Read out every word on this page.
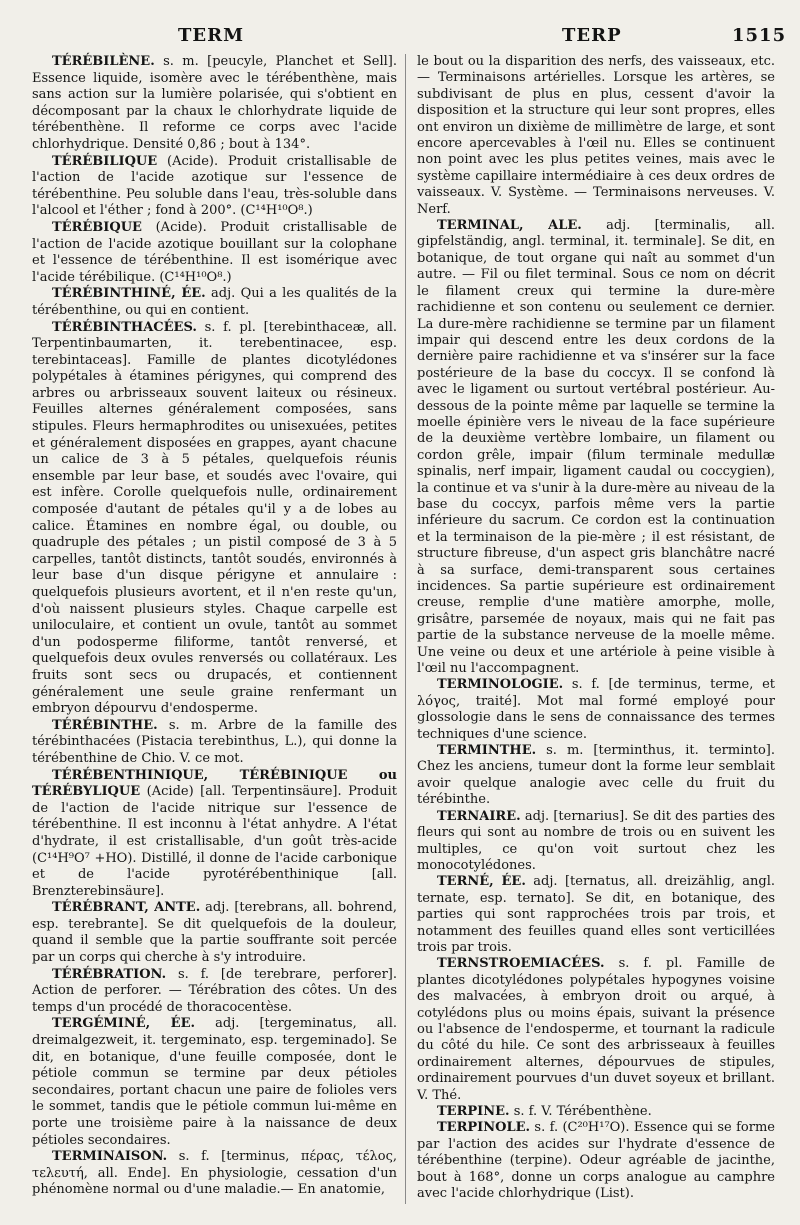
TERM	TERP	1515

TÉRÉBILÈNE. s. m. [peucyle, Planchet et Sell]. Essence liquide, isomère avec le térébenthène, mais sans action sur la lumière polarisée, qui s'obtient en décomposant par la chaux le chlorhydrate liquide de térébenthène. Il reforme ce corps avec l'acide chlorhydrique. Densité 0,86 ; bout à 134°.

TÉRÉBILIQUE (Acide). Produit cristallisable de l'action de l'acide azotique sur l'essence de térébenthine. Peu soluble dans l'eau, très-soluble dans l'alcool et l'éther ; fond à 200°. (C¹⁴H¹⁰O⁸.)

TÉRÉBIQUE (Acide). Produit cristallisable de l'action de l'acide azotique bouillant sur la colophane et l'essence de térébenthine. Il est isomérique avec l'acide térébilique. (C¹⁴H¹⁰O⁸.)

TÉRÉBINTHINÉ, ÉE. adj. Qui a les qualités de la térébenthine, ou qui en contient.

TÉRÉBINTHACÉES. s. f. pl. [terebinthaceæ, all. Terpentinbaumarten, it. terebentinacee, esp. terebintaceas]. Famille de plantes dicotylédones polypétales à étamines périgynes, qui comprend des arbres ou arbrisseaux souvent laiteux ou résineux. Feuilles alternes généralement composées, sans stipules. Fleurs hermaphrodites ou unisexuées, petites et généralement disposées en grappes, ayant chacune un calice de 3 à 5 pétales, quelquefois réunis ensemble par leur base, et soudés avec l'ovaire, qui est infère. Corolle quelquefois nulle, ordinairement composée d'autant de pétales qu'il y a de lobes au calice. Étamines en nombre égal, ou double, ou quadruple des pétales ; un pistil composé de 3 à 5 carpelles, tantôt distincts, tantôt soudés, environnés à leur base d'un disque périgyne et annulaire : quelquefois plusieurs avortent, et il n'en reste qu'un, d'où naissent plusieurs styles. Chaque carpelle est uniloculaire, et contient un ovule, tantôt au sommet d'un podosperme filiforme, tantôt renversé, et quelquefois deux ovules renversés ou collatéraux. Les fruits sont secs ou drupacés, et contiennent généralement une seule graine renfermant un embryon dépourvu d'endosperme.

TÉRÉBINTHE. s. m. Arbre de la famille des térébinthacées (Pistacia terebinthus, L.), qui donne la térébenthine de Chio. V. ce mot.

TÉRÉBENTHINIQUE, TÉRÉBINIQUE ou TÉRÉBYLIQUE (Acide) [all. Terpentinsäure]. Produit de l'action de l'acide nitrique sur l'essence de térébenthine. Il est inconnu à l'état anhydre. A l'état d'hydrate, il est cristallisable, d'un goût très-acide (C¹⁴H⁹O⁷ +HO). Distillé, il donne de l'acide carbonique et de l'acide pyrotérébenthinique [all. Brenzterebinsäure].

TÉRÉBRANT, ANTE. adj. [terebrans, all. bohrend, esp. terebrante]. Se dit quelquefois de la douleur, quand il semble que la partie souffrante soit percée par un corps qui cherche à s'y introduire.

TÉRÉBRATION. s. f. [de terebrare, perforer]. Action de perforer. — Térébration des côtes. Un des temps d'un procédé de thoracocentèse.

TERGÉMINÉ, ÉE. adj. [tergeminatus, all. dreimalgezweit, it. tergeminato, esp. tergeminado]. Se dit, en botanique, d'une feuille composée, dont le pétiole commun se termine par deux pétioles secondaires, portant chacun une paire de folioles vers le sommet, tandis que le pétiole commun lui-même en porte une troisième paire à la naissance de deux pétioles secondaires.

TERMINAISON. s. f. [terminus, πέρας, τέλος, τελευτή, all. Ende]. En physiologie, cessation d'un phénomène normal ou d'une maladie.— En anatomie,

le bout ou la disparition des nerfs, des vaisseaux, etc. — Terminaisons artérielles. Lorsque les artères, se subdivisant de plus en plus, cessent d'avoir la disposition et la structure qui leur sont propres, elles ont environ un dixième de millimètre de large, et sont encore apercevables à l'œil nu. Elles se continuent non point avec les plus petites veines, mais avec le système capillaire intermédiaire à ces deux ordres de vaisseaux. V. Système. — Terminaisons nerveuses. V. Nerf.

TERMINAL, ALE. adj. [terminalis, all. gipfelständig, angl. terminal, it. terminale]. Se dit, en botanique, de tout organe qui naît au sommet d'un autre. — Fil ou filet terminal. Sous ce nom on décrit le filament creux qui termine la dure-mère rachidienne et son contenu ou seulement ce dernier. La dure-mère rachidienne se termine par un filament impair qui descend entre les deux cordons de la dernière paire rachidienne et va s'insérer sur la face postérieure de la base du coccyx. Il se confond là avec le ligament ou surtout vertébral postérieur. Au-dessous de la pointe même par laquelle se termine la moelle épinière vers le niveau de la face supérieure de la deuxième vertèbre lombaire, un filament ou cordon grêle, impair (filum terminale medullæ spinalis, nerf impair, ligament caudal ou coccygien), la continue et va s'unir à la dure-mère au niveau de la base du coccyx, parfois même vers la partie inférieure du sacrum. Ce cordon est la continuation et la terminaison de la pie-mère ; il est résistant, de structure fibreuse, d'un aspect gris blanchâtre nacré à sa surface, demi-transparent sous certaines incidences. Sa partie supérieure est ordinairement creuse, remplie d'une matière amorphe, molle, grisâtre, parsemée de noyaux, mais qui ne fait pas partie de la substance nerveuse de la moelle même. Une veine ou deux et une artériole à peine visible à l'œil nu l'accompagnent.

TERMINOLOGIE. s. f. [de terminus, terme, et λόγος, traité]. Mot mal formé employé pour glossologie dans le sens de connaissance des termes techniques d'une science.

TERMINTHE. s. m. [terminthus, it. terminto]. Chez les anciens, tumeur dont la forme leur semblait avoir quelque analogie avec celle du fruit du térébinthe.

TERNAIRE. adj. [ternarius]. Se dit des parties des fleurs qui sont au nombre de trois ou en suivent les multiples, ce qu'on voit surtout chez les monocotylédones.

TERNÉ, ÉE. adj. [ternatus, all. dreizählig, angl. ternate, esp. ternato]. Se dit, en botanique, des parties qui sont rapprochées trois par trois, et notamment des feuilles quand elles sont verticillées trois par trois.

TERNSTROEMIACÉES. s. f. pl. Famille de plantes dicotylédones polypétales hypogynes voisine des malvacées, à embryon droit ou arqué, à cotylédons plus ou moins épais, suivant la présence ou l'absence de l'endosperme, et tournant la radicule du côté du hile. Ce sont des arbrisseaux à feuilles ordinairement alternes, dépourvues de stipules, ordinairement pourvues d'un duvet soyeux et brillant. V. Thé.

TERPINE. s. f. V. Térébenthène.

TERPINOLE. s. f. (C²⁰H¹⁷O). Essence qui se forme par l'action des acides sur l'hydrate d'essence de térébenthine (terpine). Odeur agréable de jacinthe, bout à 168°, donne un corps analogue au camphre avec l'acide chlorhydrique (List).
